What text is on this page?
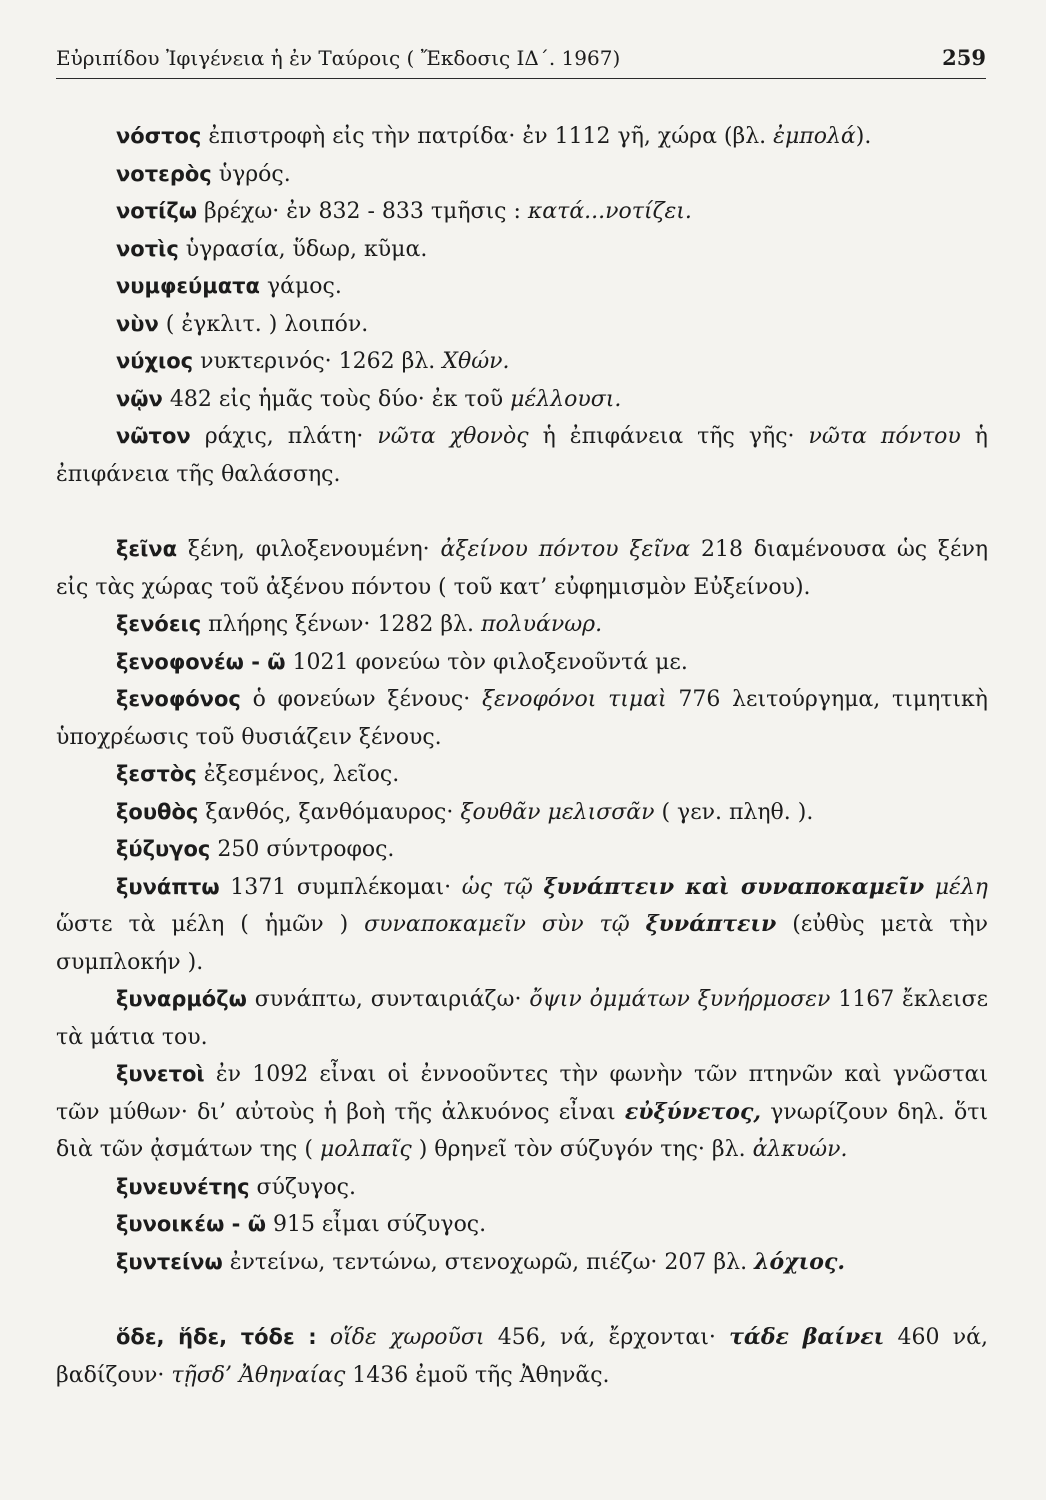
Εὐριπίδου Ἰφιγένεια ἡ ἐν Ταύροις ( Ἔκδοσις ΙΔ΄. 1967)	259

νόστος ἐπιστροφὴ εἰς τὴν πατρίδα· ἐν 1112 γῆ, χώρα (βλ. ἐμπολά).

νοτερὸς ὑγρός.

νοτίζω βρέχω· ἐν 832 - 833 τμῆσις : κατά...νοτίζει.

νοτὶς ὑγρασία, ὕδωρ, κῦμα.

νυμφεύματα γάμος.

νὺν ( ἐγκλιτ. ) λοιπόν.

νύχιος νυκτερινός· 1262 βλ. Χθών.

νῷν 482 εἰς ἡμᾶς τοὺς δύο· ἐκ τοῦ μέλλουσι.

νῶτον ράχις, πλάτη· νῶτα χθονὸς ἡ ἐπιφάνεια τῆς γῆς· νῶτα πόντου ἡ ἐπιφάνεια τῆς θαλάσσης.

ξεῖνα ξένη, φιλοξενουμένη· ἀξείνου πόντου ξεῖνα 218 διαμένουσα ὡς ξένη εἰς τὰς χώρας τοῦ ἀξένου πόντου ( τοῦ κατ’ εὐφημισμὸν Εὐξείνου).

ξενόεις πλήρης ξένων· 1282 βλ. πολυάνωρ.

ξενοφονέω - ῶ 1021 φονεύω τὸν φιλοξενοῦντά με.

ξενοφόνος ὁ φονεύων ξένους· ξενοφόνοι τιμαὶ 776 λειτούργημα, τιμητικὴ ὑποχρέωσις τοῦ θυσιάζειν ξένους.

ξεστὸς ἐξεσμένος, λεῖος.

ξουθὸς ξανθός, ξανθόμαυρος· ξουθᾶν μελισσᾶν ( γεν. πληθ. ).

ξύζυγος 250 σύντροφος.

ξυνάπτω 1371 συμπλέκομαι· ὡς τῷ ξυνάπτειν καὶ συναποκαμεῖν μέλη ὥστε τὰ μέλη ( ἡμῶν ) συναποκαμεῖν σὺν τῷ ξυνάπτειν (εὐθὺς μετὰ τὴν συμπλοκήν ).

ξυναρμόζω συνάπτω, συνταιριάζω· ὄψιν ὀμμάτων ξυνήρμοσεν 1167 ἔκλεισε τὰ μάτια του.

ξυνετοὶ ἐν 1092 εἶναι οἱ ἐννοοῦντες τὴν φωνὴν τῶν πτηνῶν καὶ γνῶσται τῶν μύθων· δι’ αὐτοὺς ἡ βοὴ τῆς ἀλκυόνος εἶναι εὐξύνετος, γνωρίζουν δηλ. ὅτι διὰ τῶν ᾀσμάτων της ( μολπαῖς ) θρηνεῖ τὸν σύζυγόν της· βλ. ἀλκυών.

ξυνευνέτης σύζυγος.

ξυνοικέω - ῶ 915 εἶμαι σύζυγος.

ξυντείνω ἐντείνω, τεντώνω, στενοχωρῶ, πιέζω· 207 βλ. λόχιος.

ὅδε, ἥδε, τόδε : οἵδε χωροῦσι 456, νά, ἔρχονται· τάδε βαίνει 460 νά, βαδίζουν· τῇσδ’ Ἀθηναίας 1436 ἐμοῦ τῆς Ἀθηνᾶς.
